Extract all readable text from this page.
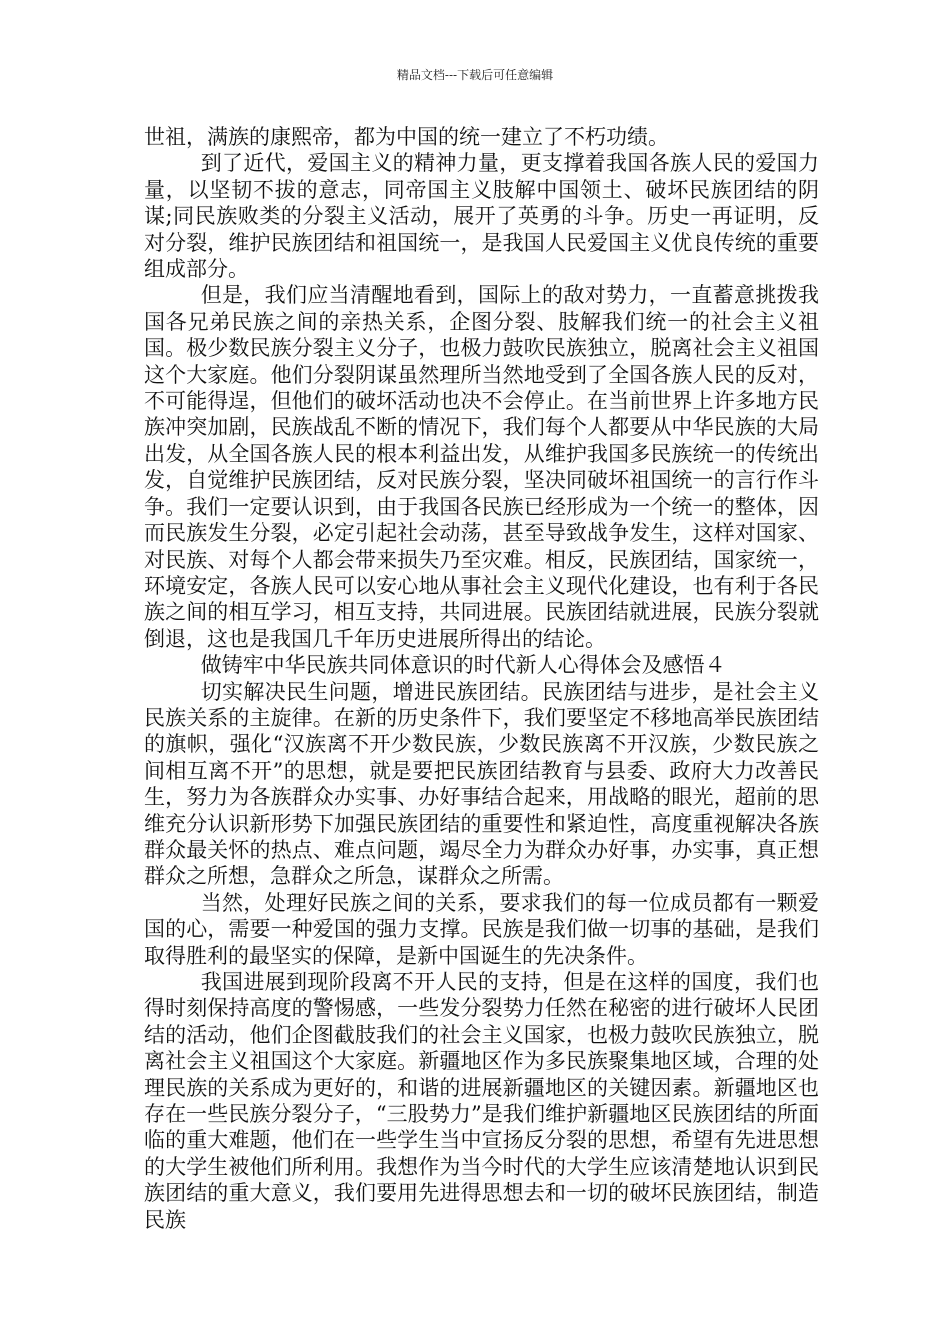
精品文档---下载后可任意编辑

世祖，满族的康熙帝，都为中国的统一建立了不朽功绩。

到了近代，爱国主义的精神力量，更支撑着我国各族人民的爱国力量，以坚韧不拔的意志，同帝国主义肢解中国领土、破坏民族团结的阴谋;同民族败类的分裂主义活动，展开了英勇的斗争。历史一再证明，反对分裂，维护民族团结和祖国统一，是我国人民爱国主义优良传统的重要组成部分。

但是，我们应当清醒地看到，国际上的敌对势力，一直蓄意挑拨我国各兄弟民族之间的亲热关系，企图分裂、肢解我们统一的社会主义祖国。极少数民族分裂主义分子，也极力鼓吹民族独立，脱离社会主义祖国这个大家庭。他们分裂阴谋虽然理所当然地受到了全国各族人民的反对，不可能得逞，但他们的破坏活动也决不会停止。在当前世界上许多地方民族冲突加剧，民族战乱不断的情况下，我们每个人都要从中华民族的大局出发，从全国各族人民的根本利益出发，从维护我国多民族统一的传统出发，自觉维护民族团结，反对民族分裂，坚决同破坏祖国统一的言行作斗争。我们一定要认识到，由于我国各民族已经形成为一个统一的整体，因而民族发生分裂，必定引起社会动荡，甚至导致战争发生，这样对国家、对民族、对每个人都会带来损失乃至灾难。相反，民族团结，国家统一，环境安定，各族人民可以安心地从事社会主义现代化建设，也有利于各民族之间的相互学习，相互支持，共同进展。民族团结就进展，民族分裂就倒退，这也是我国几千年历史进展所得出的结论。

做铸牢中华民族共同体意识的时代新人心得体会及感悟４

切实解决民生问题，增进民族团结。民族团结与进步，是社会主义民族关系的主旋律。在新的历史条件下，我们要坚定不移地高举民族团结的旗帜，强化“汉族离不开少数民族，少数民族离不开汉族，少数民族之间相互离不开”的思想，就是要把民族团结教育与县委、政府大力改善民生，努力为各族群众办实事、办好事结合起来，用战略的眼光，超前的思维充分认识新形势下加强民族团结的重要性和紧迫性，高度重视解决各族群众最关怀的热点、难点问题，竭尽全力为群众办好事，办实事，真正想群众之所想，急群众之所急，谋群众之所需。

当然，处理好民族之间的关系，要求我们的每一位成员都有一颗爱国的心，需要一种爱国的强力支撑。民族是我们做一切事的基础，是我们取得胜利的最坚实的保障，是新中国诞生的先决条件。

我国进展到现阶段离不开人民的支持，但是在这样的国度，我们也得时刻保持高度的警惕感，一些发分裂势力任然在秘密的进行破坏人民团结的活动，他们企图截肢我们的社会主义国家，也极力鼓吹民族独立，脱离社会主义祖国这个大家庭。新疆地区作为多民族聚集地区域，合理的处理民族的关系成为更好的，和谐的进展新疆地区的关键因素。新疆地区也存在一些民族分裂分子，“三股势力”是我们维护新疆地区民族团结的所面临的重大难题，他们在一些学生当中宣扬反分裂的思想，希望有先进思想的大学生被他们所利用。我想作为当今时代的大学生应该清楚地认识到民族团结的重大意义，我们要用先进得思想去和一切的破坏民族团结，制造民族
